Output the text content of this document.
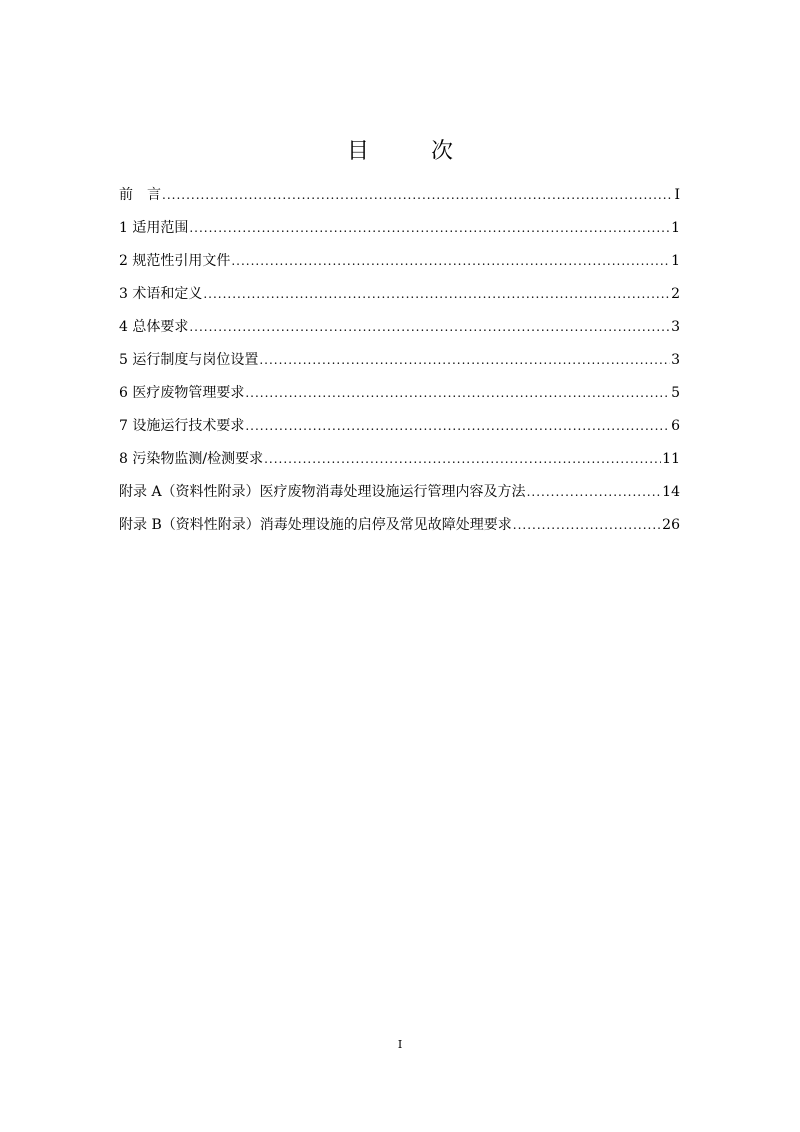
目　次
前　言 .....	I
1 适用范围 .....	1
2 规范性引用文件 .....	1
3 术语和定义 .....	2
4 总体要求 .....	3
5 运行制度与岗位设置 .....	3
6 医疗废物管理要求 .....	5
7 设施运行技术要求 .....	6
8 污染物监测/检测要求 .....	11
附录 A（资料性附录）医疗废物消毒处理设施运行管理内容及方法 .....	14
附录 B（资料性附录）消毒处理设施的启停及常见故障处理要求 .....	26
I
